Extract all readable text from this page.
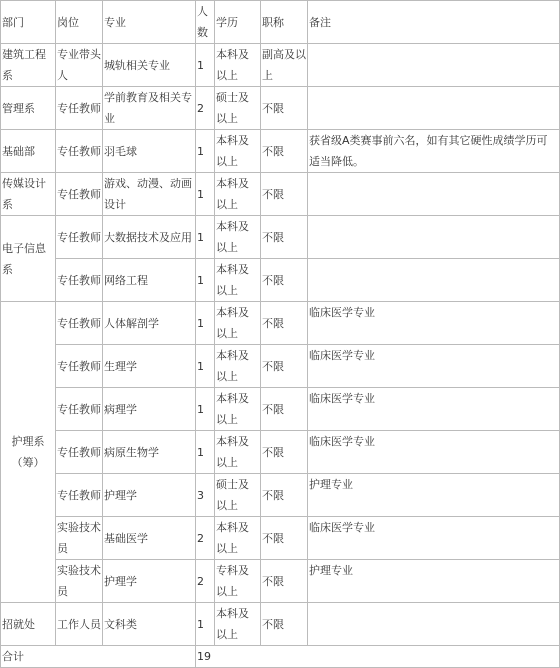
部门	岗位	专业	人数	学历	职称	备注
建筑工程系	专业带头人	城轨相关专业	1	本科及以上	副高及以上	
管理系	专任教师	学前教育及相关专业	2	硕士及以上	不限	
基础部	专任教师	羽毛球	1	本科及以上	不限	获省级A类赛事前六名，如有其它硬性成绩学历可适当降低。
传媒设计系	专任教师	游戏、动漫、动画设计	1	本科及以上	不限	
电子信息系	专任教师	大数据技术及应用	1	本科及以上	不限	
	专任教师	网络工程	1	本科及以上	不限	
护理系（筹）	专任教师	人体解剖学	1	本科及以上	不限	临床医学专业
	专任教师	生理学	1	本科及以上	不限	临床医学专业
	专任教师	病理学	1	本科及以上	不限	临床医学专业
	专任教师	病原生物学	1	本科及以上	不限	临床医学专业
	专任教师	护理学	3	硕士及以上	不限	护理专业
	实验技术员	基础医学	2	本科及以上	不限	临床医学专业
	实验技术员	护理学	2	专科及以上	不限	护理专业
招就处	工作人员	文科类	1	本科及以上	不限	
合计			19			
